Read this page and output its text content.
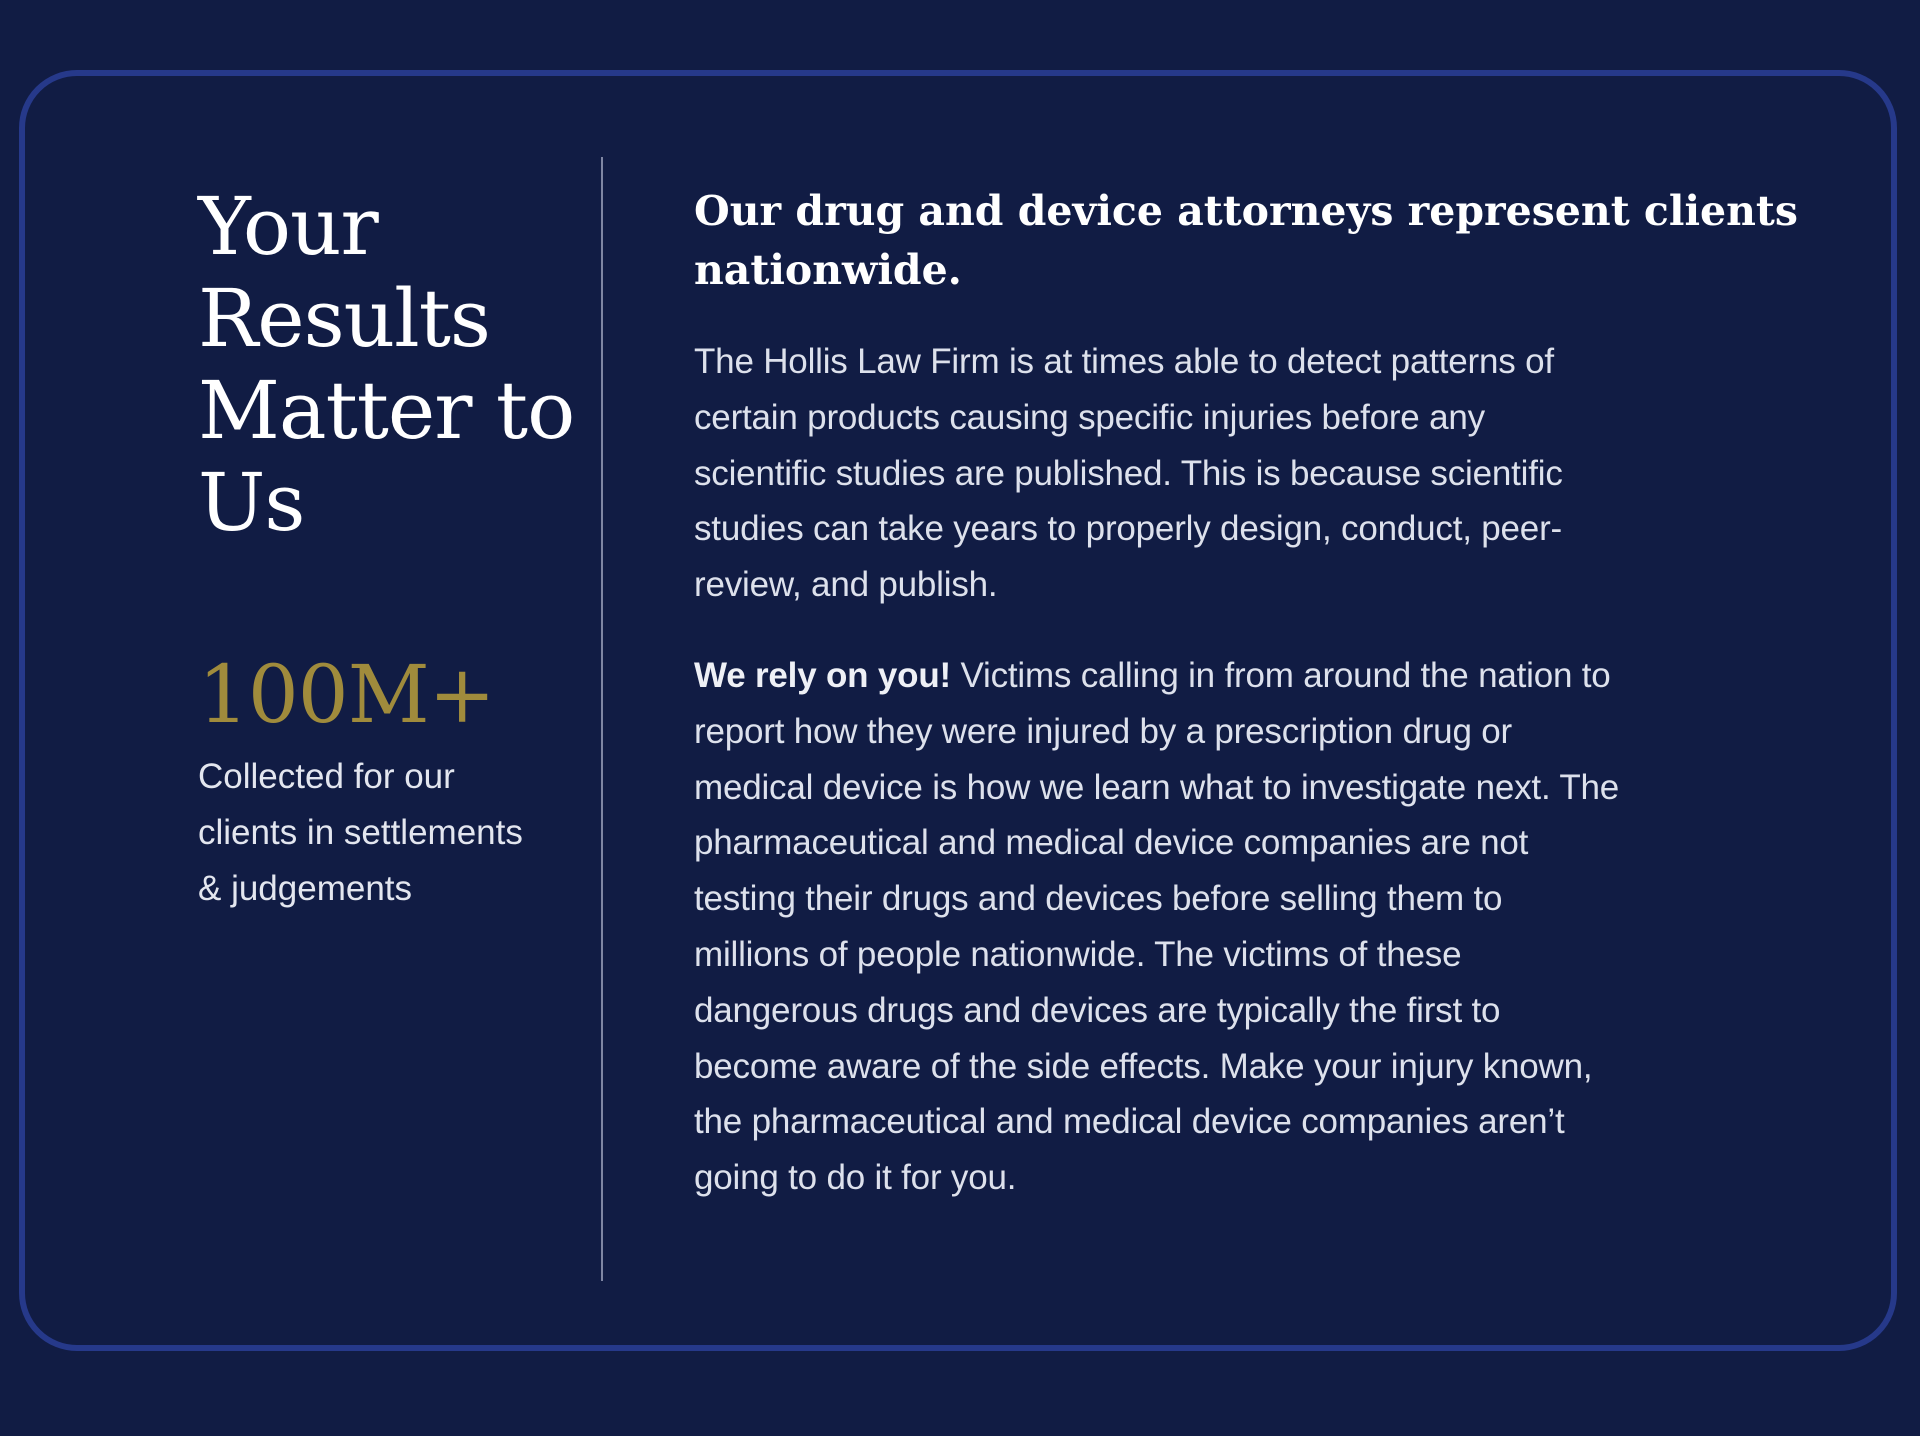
Your
Results
Matter to
Us
100M+

Collected for our
clients in settlements
& judgements

Our drug and device attorneys represent clients
nationwide.

The Hollis Law Firm is at times able to detect patterns of
certain products causing specific injuries before any
scientific studies are published. This is because scientific
studies can take years to properly design, conduct, peer-
review, and publish.

We rely on you! Victims calling in from around the nation to
report how they were injured by a prescription drug or
medical device is how we learn what to investigate next. The
pharmaceutical and medical device companies are not
testing their drugs and devices before selling them to
millions of people nationwide. The victims of these
dangerous drugs and devices are typically the first to
become aware of the side effects. Make your injury known,
the pharmaceutical and medical device companies aren’t
going to do it for you.
